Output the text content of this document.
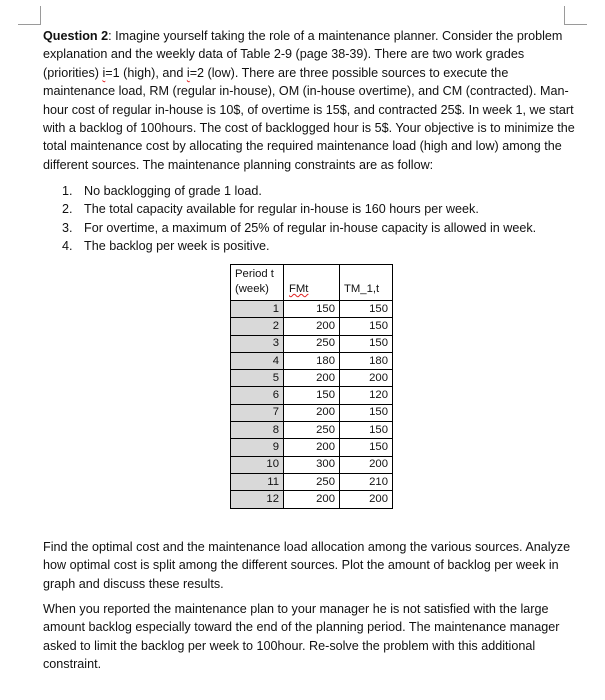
Question 2: Imagine yourself taking the role of a maintenance planner. Consider the problem explanation and the weekly data of Table 2-9 (page 38-39). There are two work grades (priorities) i=1 (high), and i=2 (low). There are three possible sources to execute the maintenance load, RM (regular in-house), OM (in-house overtime), and CM (contracted). Man-hour cost of regular in-house is 10$, of overtime is 15$, and contracted 25$. In week 1, we start with a backlog of 100hours. The cost of backlogged hour is 5$. Your objective is to minimize the total maintenance cost by allocating the required maintenance load (high and low) among the different sources. The maintenance planning constraints are as follow:

1. No backlogging of grade 1 load.
2. The total capacity available for regular in-house is 160 hours per week.
3. For overtime, a maximum of 25% of regular in-house capacity is allowed in week.
4. The backlog per week is positive.
Period t
(week)	FMt	TM_1,t
1	150	150
2	200	150
3	250	150
4	180	180
5	200	200
6	150	120
7	200	150
8	250	150
9	200	150
10	300	200
11	250	210
12	200	200

Find the optimal cost and the maintenance load allocation among the various sources. Analyze how optimal cost is split among the different sources. Plot the amount of backlog per week in graph and discuss these results.

When you reported the maintenance plan to your manager he is not satisfied with the large amount backlog especially toward the end of the planning period. The maintenance manager asked to limit the backlog per week to 100hour. Re-solve the problem with this additional constraint.
